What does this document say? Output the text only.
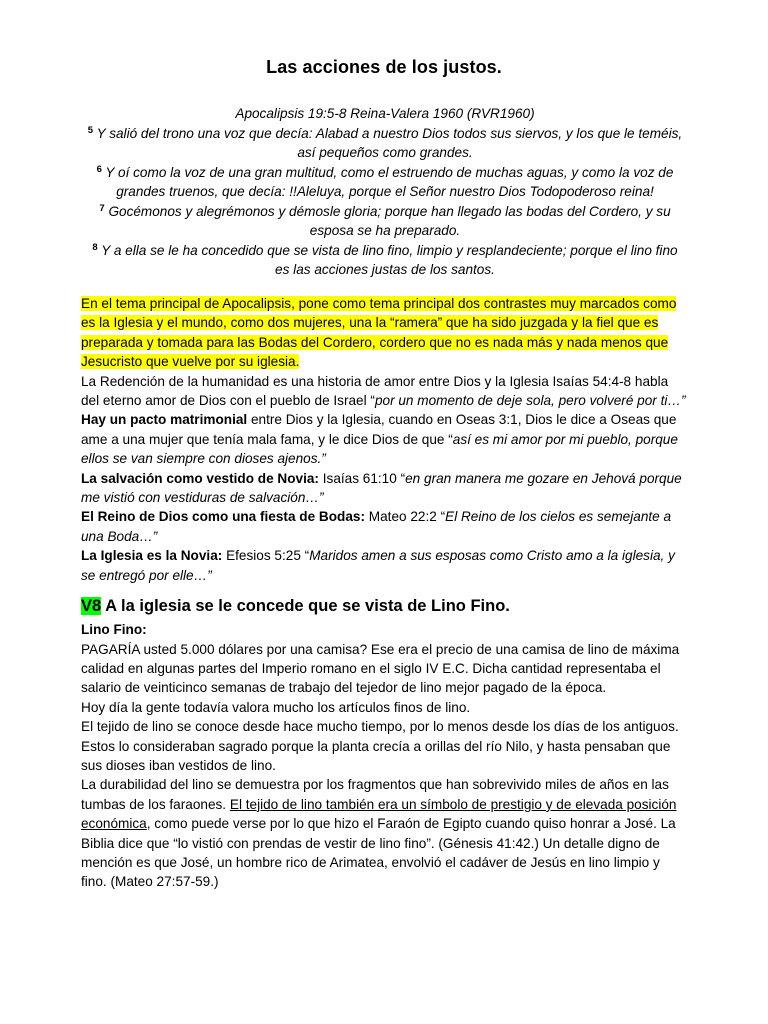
Las acciones de los justos.

Apocalipsis 19:5-8 Reina-Valera 1960 (RVR1960)

$^5$ Y salió del trono una voz que decía: Alabad a nuestro Dios todos sus siervos, y los que le teméis, así pequeños como grandes.

$^6$ Y oí como la voz de una gran multitud, como el estruendo de muchas aguas, y como la voz de grandes truenos, que decía: !!Aleluya, porque el Señor nuestro Dios Todopoderoso reina!

$^7$ Gocémonos y alegrémonos y démosle gloria; porque han llegado las bodas del Cordero, y su esposa se ha preparado.

$^8$ Y a ella se le ha concedido que se vista de lino fino, limpio y resplandeciente; porque el lino fino es las acciones justas de los santos.

En el tema principal de Apocalipsis, pone como tema principal dos contrastes muy marcados como es la Iglesia y el mundo, como dos mujeres, una la “ramera” que ha sido juzgada y la fiel que es preparada y tomada para las Bodas del Cordero, cordero que no es nada más y nada menos que Jesucristo que vuelve por su iglesia.

La Redención de la humanidad es una historia de amor entre Dios y la Iglesia Isaías 54:4-8 habla del eterno amor de Dios con el pueblo de Israel “por un momento de deje sola, pero volveré por ti…”

Hay un pacto matrimonial entre Dios y la Iglesia, cuando en Oseas 3:1, Dios le dice a Oseas que ame a una mujer que tenía mala fama, y le dice Dios de que “así es mi amor por mi pueblo, porque ellos se van siempre con dioses ajenos.”

La salvación como vestido de Novia: Isaías 61:10 “en gran manera me gozare en Jehová porque me vistió con vestiduras de salvación…”

El Reino de Dios como una fiesta de Bodas: Mateo 22:2 “El Reino de los cielos es semejante a una Boda…”

La Iglesia es la Novia: Efesios 5:25 “Maridos amen a sus esposas como Cristo amo a la iglesia, y se entregó por elle…”

V8 A la iglesia se le concede que se vista de Lino Fino.

Lino Fino:

PAGARÍA usted 5.000 dólares por una camisa? Ese era el precio de una camisa de lino de máxima calidad en algunas partes del Imperio romano en el siglo IV E.C. Dicha cantidad representaba el salario de veinticinco semanas de trabajo del tejedor de lino mejor pagado de la época.

Hoy día la gente todavía valora mucho los artículos finos de lino.

El tejido de lino se conoce desde hace mucho tiempo, por lo menos desde los días de los antiguos. Estos lo consideraban sagrado porque la planta crecía a orillas del río Nilo, y hasta pensaban que sus dioses iban vestidos de lino.

La durabilidad del lino se demuestra por los fragmentos que han sobrevivido miles de años en las tumbas de los faraones. El tejido de lino también era un símbolo de prestigio y de elevada posición económica, como puede verse por lo que hizo el Faraón de Egipto cuando quiso honrar a José. La Biblia dice que “lo vistió con prendas de vestir de lino fino”. (Génesis 41:42.) Un detalle digno de mención es que José, un hombre rico de Arimatea, envolvió el cadáver de Jesús en lino limpio y fino. (Mateo 27:57-59.)
